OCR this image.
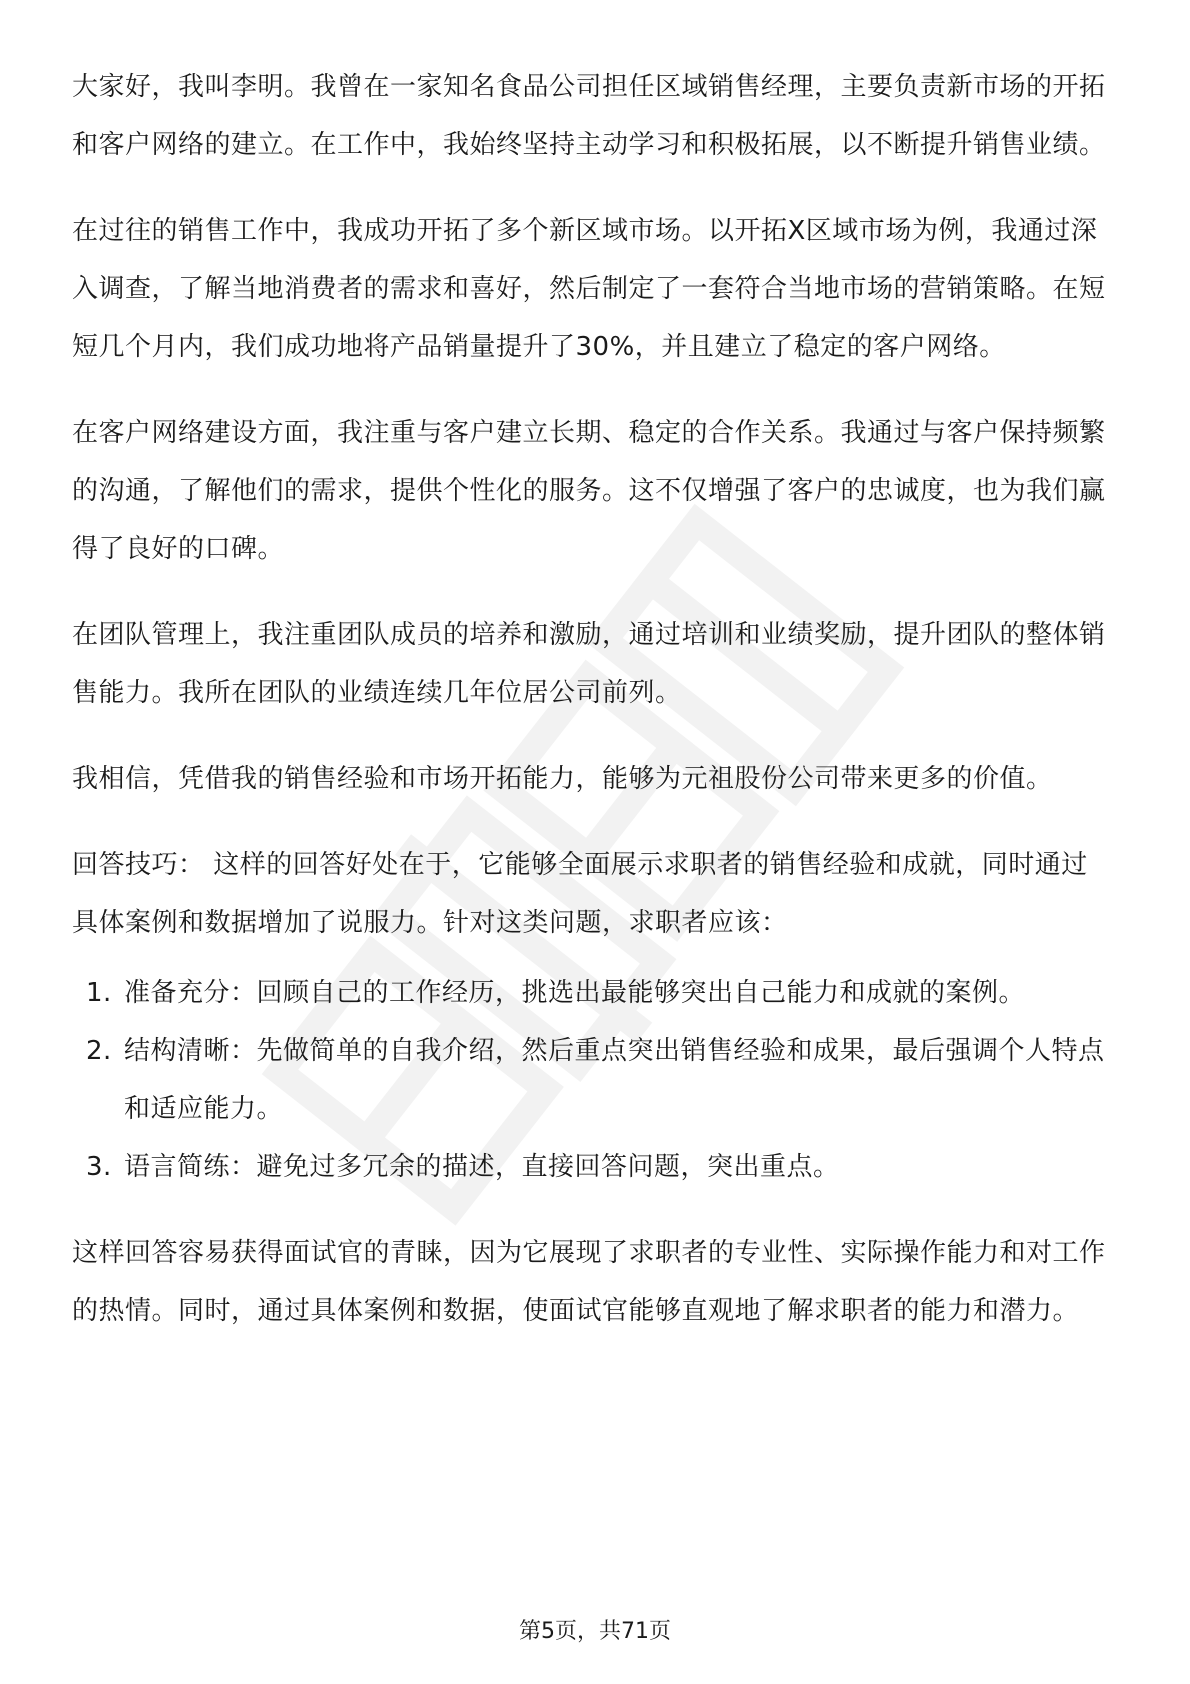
大家好，我叫李明。我曾在一家知名食品公司担任区域销售经理，主要负责新市场的开拓和客户网络的建立。在工作中，我始终坚持主动学习和积极拓展，以不断提升销售业绩。

在过往的销售工作中，我成功开拓了多个新区域市场。以开拓X区域市场为例，我通过深入调查，了解当地消费者的需求和喜好，然后制定了一套符合当地市场的营销策略。在短短几个月内，我们成功地将产品销量提升了30%，并且建立了稳定的客户网络。

在客户网络建设方面，我注重与客户建立长期、稳定的合作关系。我通过与客户保持频繁的沟通，了解他们的需求，提供个性化的服务。这不仅增强了客户的忠诚度，也为我们赢得了良好的口碑。

在团队管理上，我注重团队成员的培养和激励，通过培训和业绩奖励，提升团队的整体销售能力。我所在团队的业绩连续几年位居公司前列。

我相信，凭借我的销售经验和市场开拓能力，能够为元祖股份公司带来更多的价值。

回答技巧： 这样的回答好处在于，它能够全面展示求职者的销售经验和成就，同时通过具体案例和数据增加了说服力。针对这类问题，求职者应该：

1. 准备充分：回顾自己的工作经历，挑选出最能够突出自己能力和成就的案例。
2. 结构清晰：先做简单的自我介绍，然后重点突出销售经验和成果，最后强调个人特点和适应能力。
3. 语言简练：避免过多冗余的描述，直接回答问题，突出重点。

这样回答容易获得面试官的青睐，因为它展现了求职者的专业性、实际操作能力和对工作的热情。同时，通过具体案例和数据，使面试官能够直观地了解求职者的能力和潜力。

第5页，共71页
